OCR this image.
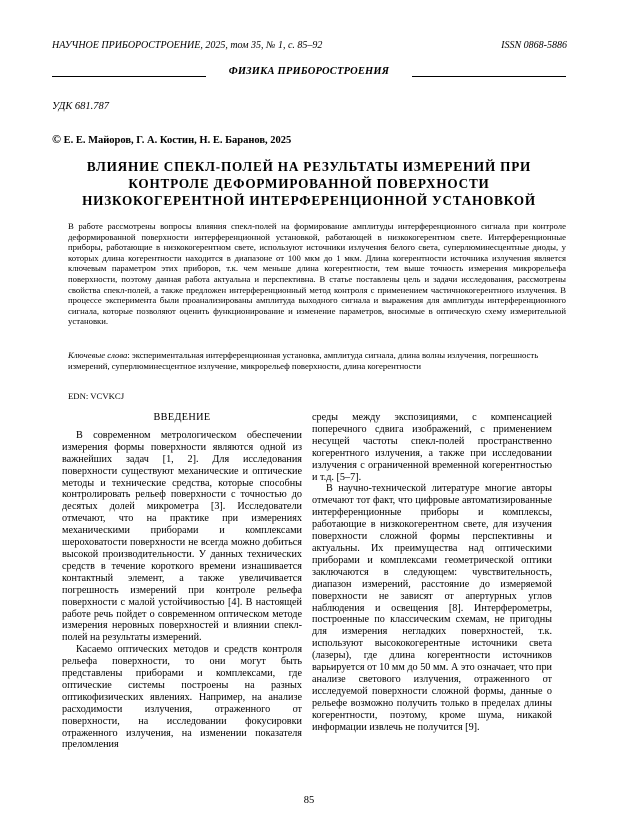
НАУЧНОЕ ПРИБОРОСТРОЕНИЕ, 2025, том 35, № 1, с. 85–92	ISSN 0868-5886
ФИЗИКА ПРИБОРОСТРОЕНИЯ
УДК 681.787
© Е. Е. Майоров, Г. А. Костин, Н. Е. Баранов, 2025
ВЛИЯНИЕ СПЕКЛ-ПОЛЕЙ НА РЕЗУЛЬТАТЫ ИЗМЕРЕНИЙ ПРИ КОНТРОЛЕ ДЕФОРМИРОВАННОЙ ПОВЕРХНОСТИ НИЗКОКОГЕРЕНТНОЙ ИНТЕРФЕРЕНЦИОННОЙ УСТАНОВКОЙ
В работе рассмотрены вопросы влияния спекл-полей на формирование амплитуды интерференционного сигнала при контроле деформированной поверхности интерференционной установкой, работающей в низкокогерентном свете. Интерференционные приборы, работающие в низкокогерентном свете, используют источники излучения белого света, суперлюминесцентные диоды, у которых длина когерентности находится в диапазоне от 100 мкм до 1 мкм. Длина когерентности источника излучения является ключевым параметром этих приборов, т.к. чем меньше длина когерентности, тем выше точность измерения микрорельефа поверхности, поэтому данная работа актуальна и перспективна. В статье поставлены цель и задачи исследования, рассмотрены свойства спекл-полей, а также предложен интерференционный метод контроля с применением частичнокогерентного излучения. В процессе эксперимента были проанализированы амплитуда выходного сигнала и выражения для амплитуды интерференционного сигнала, которые позволяют оценить функционирование и изменение параметров, вносимые в оптическую схему измерительной установки.
Ключевые слова: экспериментальная интерференционная установка, амплитуда сигнала, длина волны излучения, погрешность измерений, суперлюминесцентное излучение, микрорельеф поверхности, длина когерентности
EDN: VCVKCJ

ВВЕДЕНИЕ

В современном метрологическом обеспечении измерения формы поверхности являются одной из важнейших задач [1, 2]. Для исследования поверхности существуют механические и оптические методы и технические средства, которые способны контролировать рельеф поверхности с точностью до десятых долей микрометра [3]. Исследователи отмечают, что на практике при измерениях механическими приборами и комплексами шероховатости поверхности не всегда можно добиться высокой производительности. У данных технических средств в течение короткого времени изнашивается контактный элемент, а также увеличивается погрешность измерений при контроле рельефа поверхности с малой устойчивостью [4]. В настоящей работе речь пойдет о современном оптическом методе измерения неровных поверхностей и влиянии спекл-полей на результаты измерений.

Касаемо оптических методов и средств контроля рельефа поверхности, то они могут быть представлены приборами и комплексами, где оптические системы построены на разных оптикофизических явлениях. Например, на анализе расходимости излучения, отраженного от поверхности, на исследовании фокусировки отраженного излучения, на изменении показателя преломления

среды между экспозициями, с компенсацией поперечного сдвига изображений, с применением несущей частоты спекл-полей пространственно когерентного излучения, а также при исследовании излучения с ограниченной временной когерентностью и т.д. [5–7].

В научно-технической литературе многие авторы отмечают тот факт, что цифровые автоматизированные интерференционные приборы и комплексы, работающие в низкокогерентном свете, для изучения поверхности сложной формы перспективны и актуальны. Их преимущества над оптическими приборами и комплексами геометрической оптики заключаются в следующем: чувствительность, диапазон измерений, расстояние до измеряемой поверхности не зависят от апертурных углов наблюдения и освещения [8]. Интерферометры, построенные по классическим схемам, не пригодны для измерения негладких поверхностей, т.к. используют высококогерентные источники света (лазеры), где длина когерентности источников варьируется от 10 мм до 50 мм. А это означает, что при анализе светового излучения, отраженного от исследуемой поверхности сложной формы, данные о рельефе возможно получить только в пределах длины когерентности, поэтому, кроме шума, никакой информации извлечь не получится [9].

85
